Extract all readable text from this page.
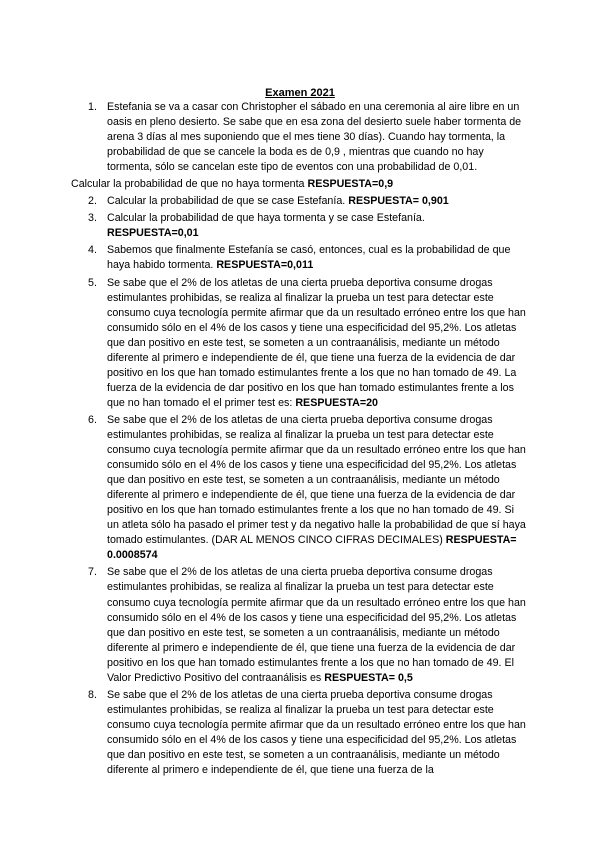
Examen 2021
1. Estefania se va a casar con Christopher el sábado en una ceremonia al aire libre en un oasis en pleno desierto. Se sabe que en esa zona del desierto suele haber tormenta de arena 3 días al mes suponiendo que el mes tiene 30 días). Cuando hay tormenta, la probabilidad de que se cancele la boda es de 0,9 , mientras que cuando no hay tormenta, sólo se cancelan este tipo de eventos con una probabilidad de 0,01.
Calcular la probabilidad de que no haya tormenta RESPUESTA=0,9
2. Calcular la probabilidad de que se case Estefanía. RESPUESTA= 0,901
3. Calcular la probabilidad de que haya tormenta y se case Estefanía.
RESPUESTA=0,01
4. Sabemos que finalmente Estefanía se casó, entonces, cual es la probabilidad de que haya habido tormenta. RESPUESTA=0,011
5. Se sabe que el 2% de los atletas de una cierta prueba deportiva consume drogas estimulantes prohibidas, se realiza al finalizar la prueba un test para detectar este consumo cuya tecnología permite afirmar que da un resultado erróneo entre los que han consumido sólo en el 4% de los casos y tiene una especificidad del 95,2%. Los atletas que dan positivo en este test, se someten a un contraanálisis, mediante un método diferente al primero e independiente de él, que tiene una fuerza de la evidencia de dar positivo en los que han tomado estimulantes frente a los que no han tomado de 49. La fuerza de la evidencia de dar positivo en los que han tomado estimulantes frente a los que no han tomado el el primer test es: RESPUESTA=20
6. Se sabe que el 2% de los atletas de una cierta prueba deportiva consume drogas estimulantes prohibidas, se realiza al finalizar la prueba un test para detectar este consumo cuya tecnología permite afirmar que da un resultado erróneo entre los que han consumido sólo en el 4% de los casos y tiene una especificidad del 95,2%. Los atletas que dan positivo en este test, se someten a un contraanálisis, mediante un método diferente al primero e independiente de él, que tiene una fuerza de la evidencia de dar positivo en los que han tomado estimulantes frente a los que no han tomado de 49. Si un atleta sólo ha pasado el primer test y da negativo halle la probabilidad de que sí haya tomado estimulantes. (DAR AL MENOS CINCO CIFRAS DECIMALES) RESPUESTA= 0.0008574
7. Se sabe que el 2% de los atletas de una cierta prueba deportiva consume drogas estimulantes prohibidas, se realiza al finalizar la prueba un test para detectar este consumo cuya tecnología permite afirmar que da un resultado erróneo entre los que han consumido sólo en el 4% de los casos y tiene una especificidad del 95,2%. Los atletas que dan positivo en este test, se someten a un contraanálisis, mediante un método diferente al primero e independiente de él, que tiene una fuerza de la evidencia de dar positivo en los que han tomado estimulantes frente a los que no han tomado de 49. El Valor Predictivo Positivo del contraanálisis es RESPUESTA= 0,5
8. Se sabe que el 2% de los atletas de una cierta prueba deportiva consume drogas estimulantes prohibidas, se realiza al finalizar la prueba un test para detectar este consumo cuya tecnología permite afirmar que da un resultado erróneo entre los que han consumido sólo en el 4% de los casos y tiene una especificidad del 95,2%. Los atletas que dan positivo en este test, se someten a un contraanálisis, mediante un método diferente al primero e independiente de él, que tiene una fuerza de la
